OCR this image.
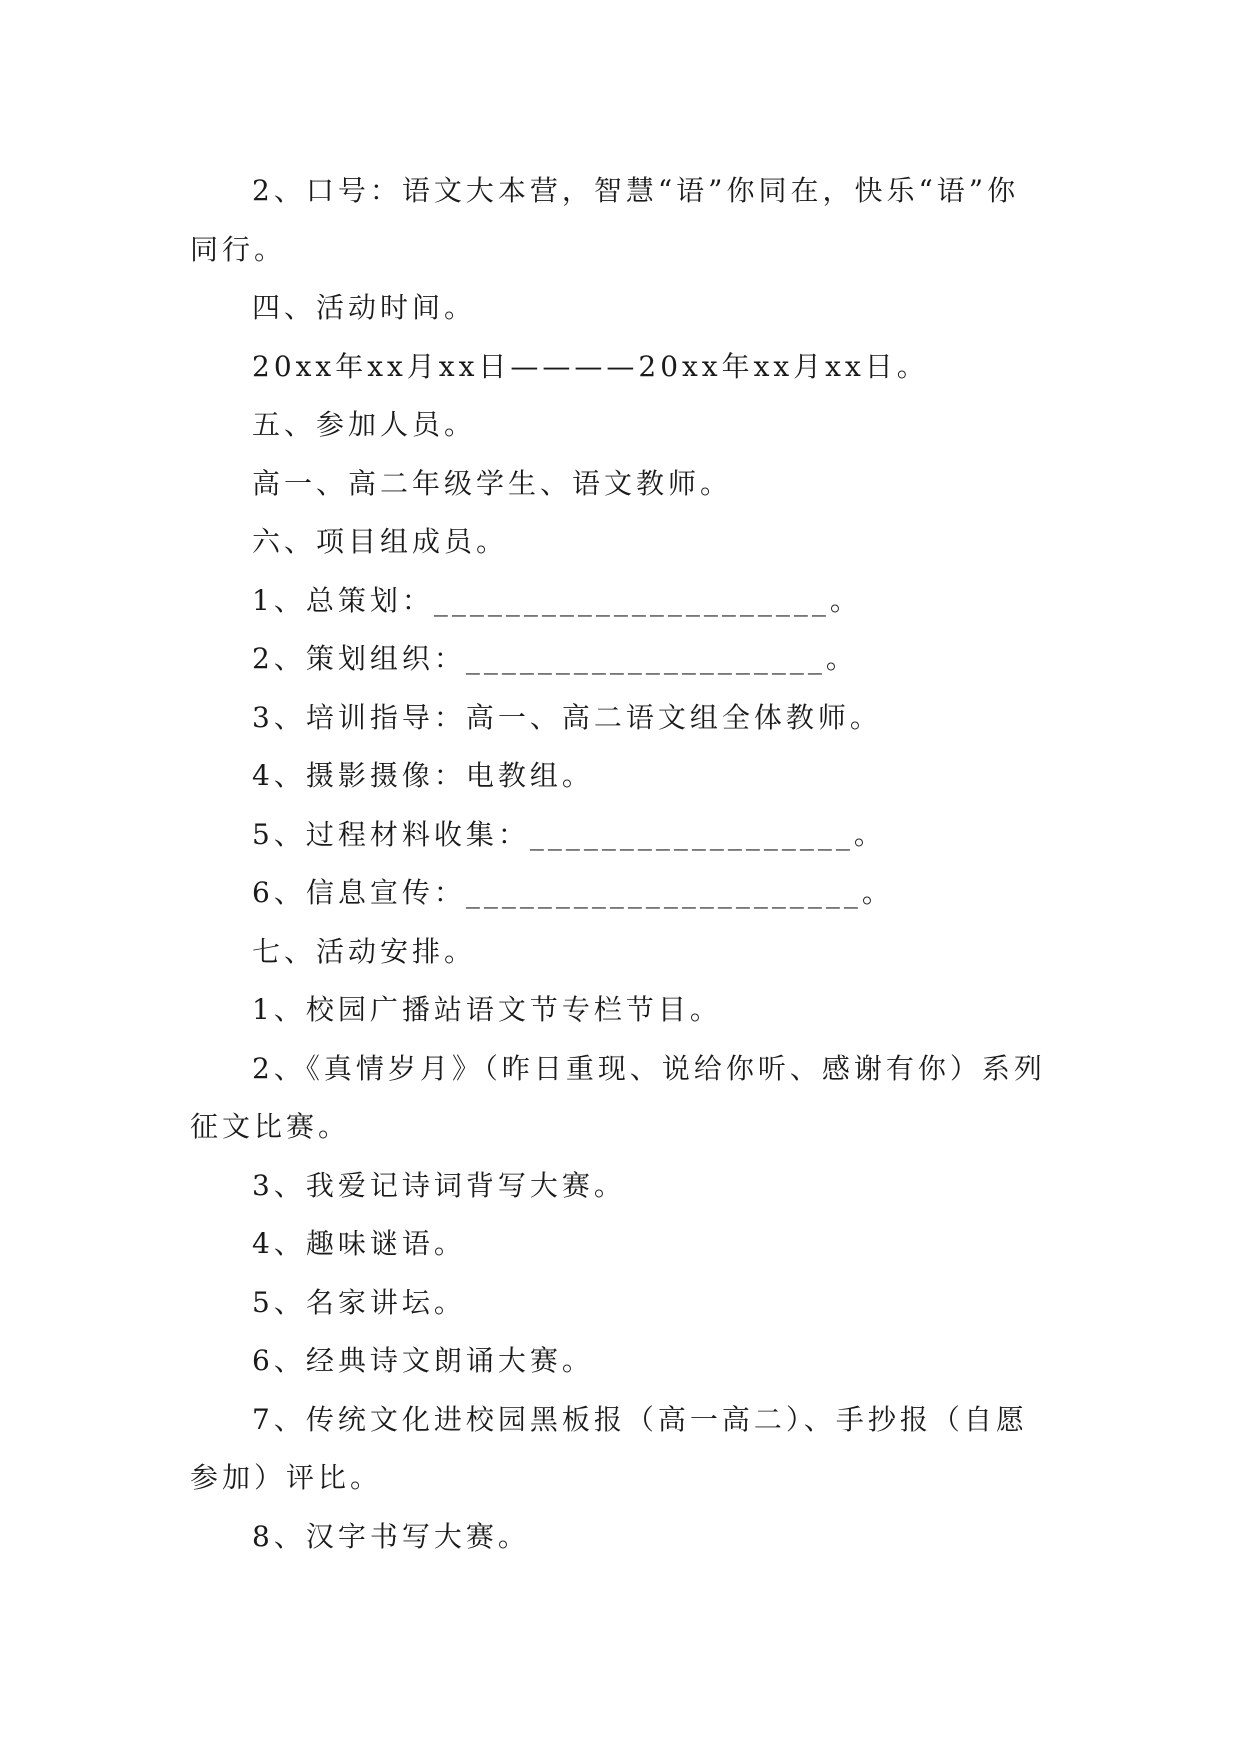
2、口号：语文大本营，智慧“语”你同在，快乐“语”你同行。

四、活动时间。

20xx年xx月xx日————20xx年xx月xx日。

五、参加人员。

高一、高二年级学生、语文教师。

六、项目组成员。

1、总策划：______________________。

2、策划组织：____________________。

3、培训指导：高一、高二语文组全体教师。

4、摄影摄像：电教组。

5、过程材料收集：__________________。

6、信息宣传：______________________。

七、活动安排。

1、校园广播站语文节专栏节目。

2、《真情岁月》（昨日重现、说给你听、感谢有你）系列征文比赛。

3、我爱记诗词背写大赛。

4、趣味谜语。

5、名家讲坛。

6、经典诗文朗诵大赛。

7、传统文化进校园黑板报（高一高二）、手抄报（自愿参加）评比。

8、汉字书写大赛。
